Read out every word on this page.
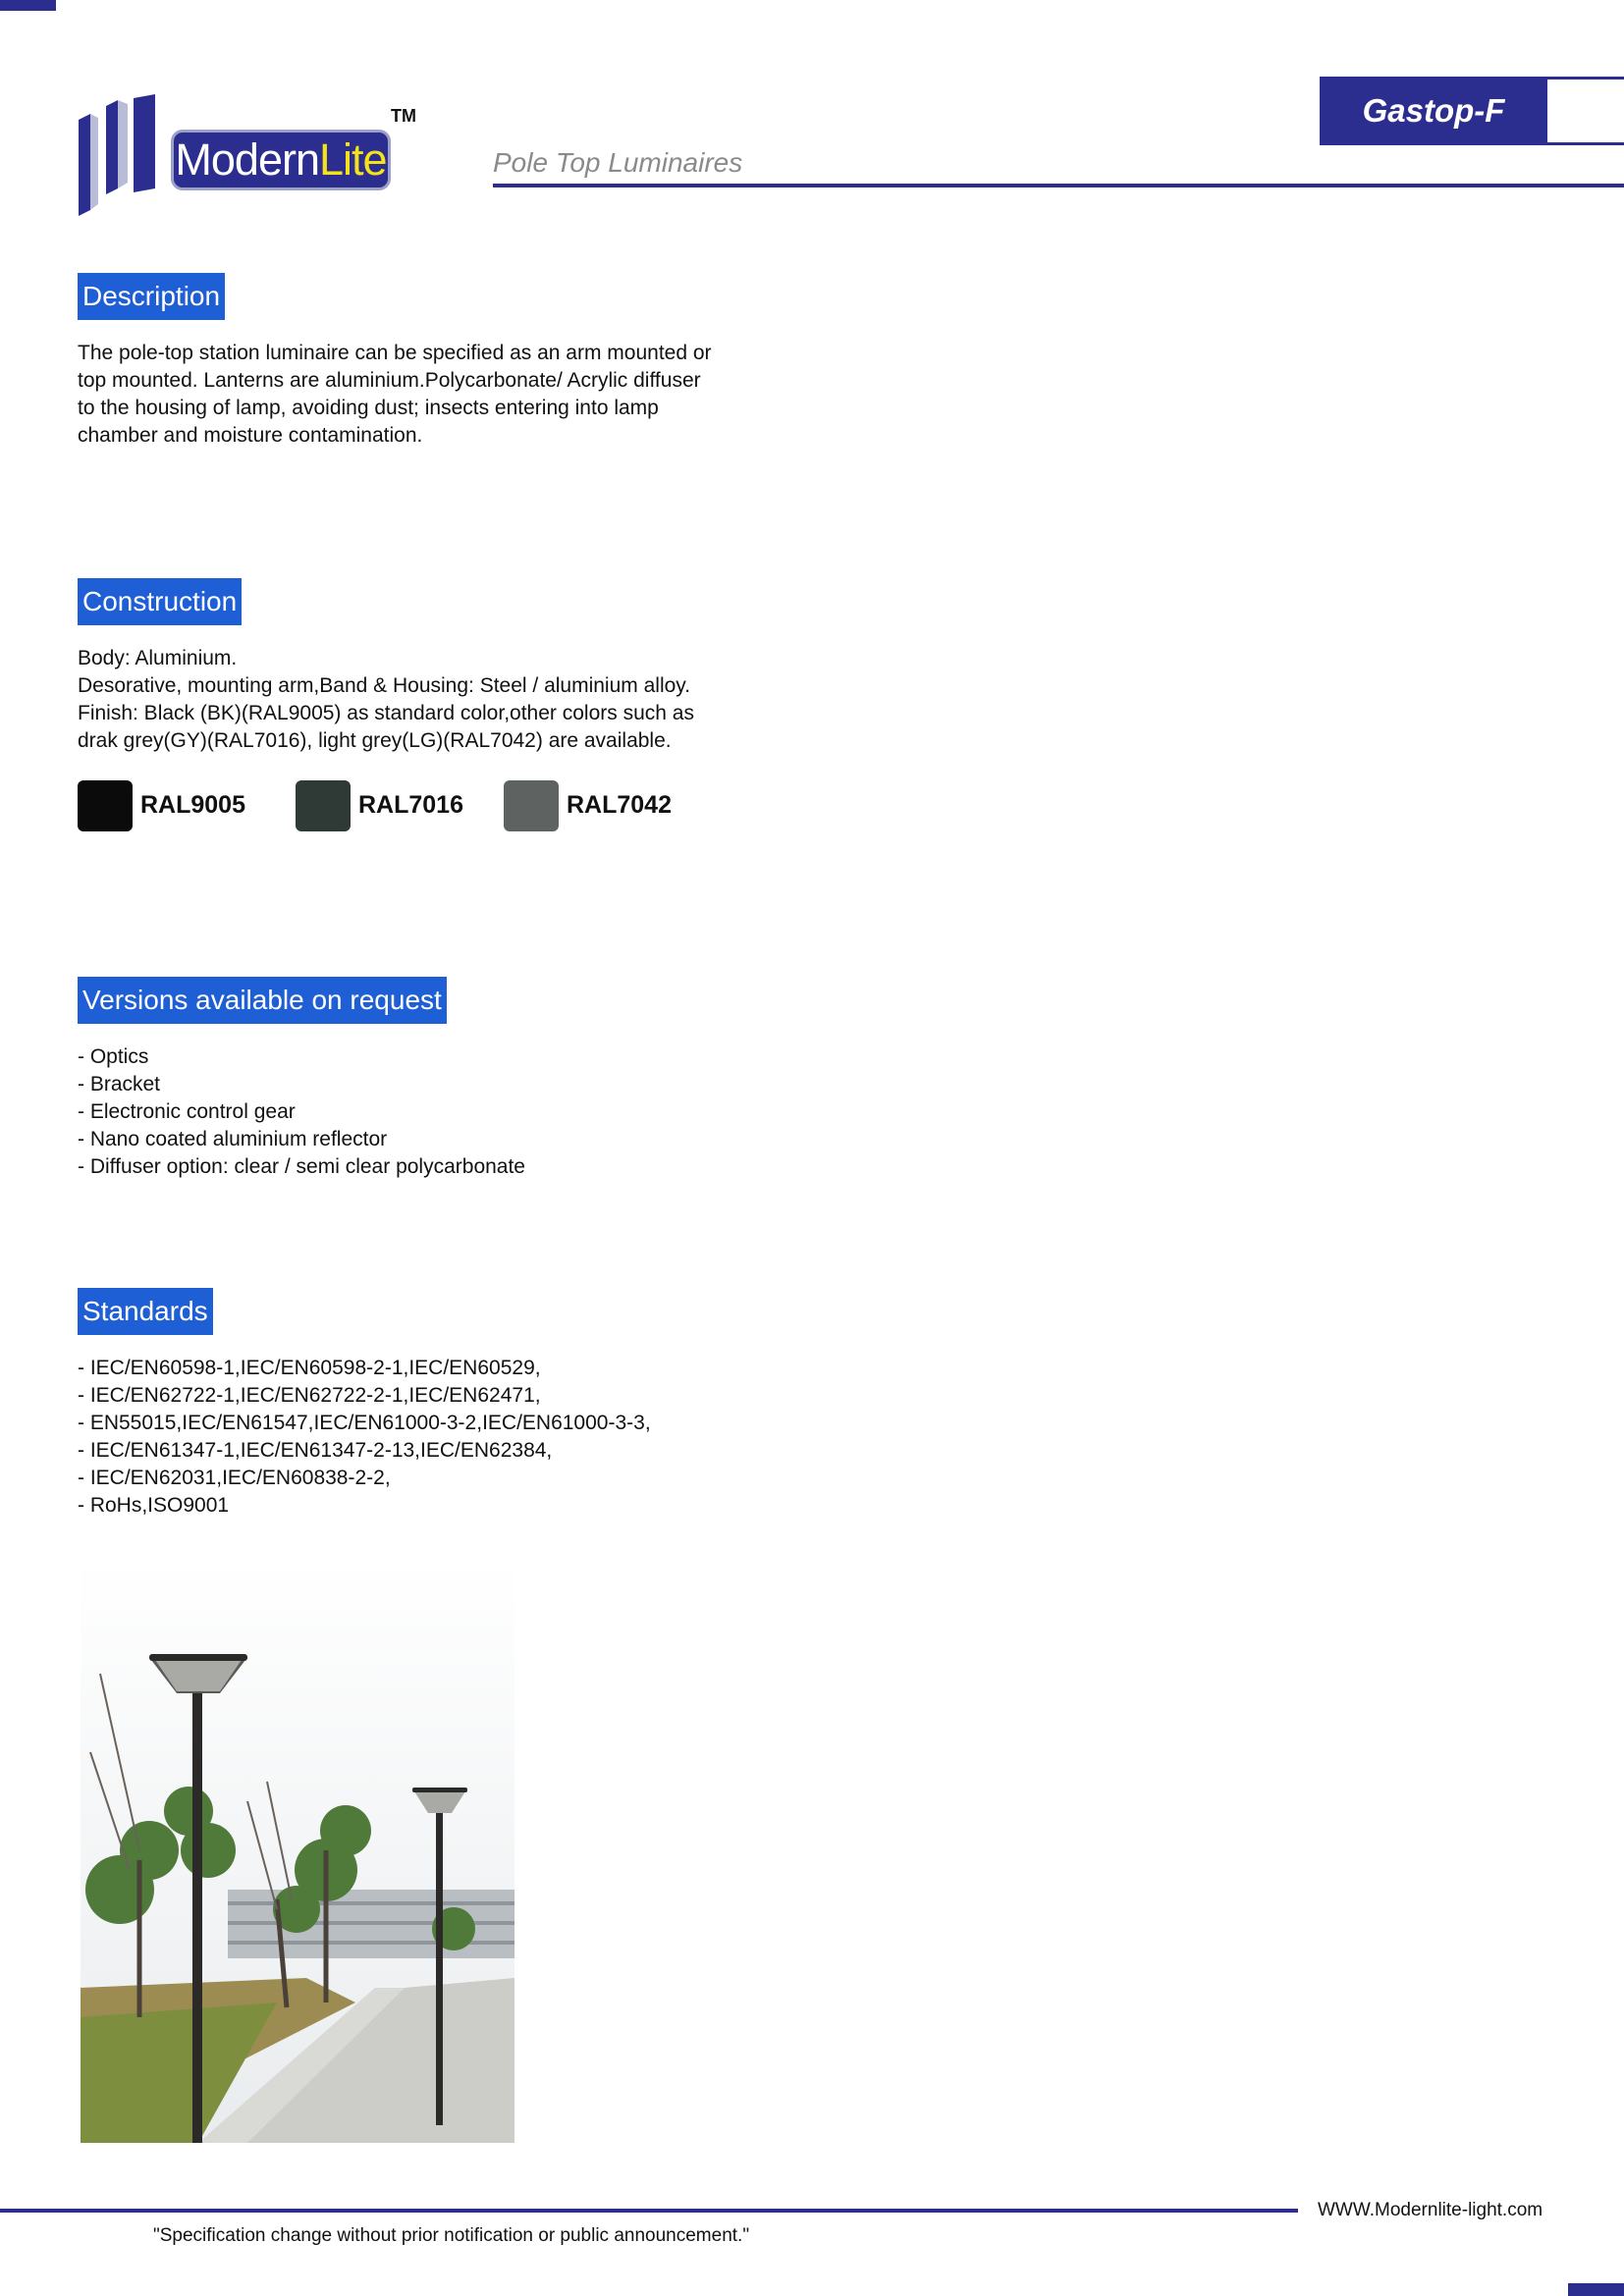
Modern Lite
TM
Pole Top Luminaires
Gastop-F
Description
The pole-top station luminaire can be specified as an arm mounted or
top mounted. Lanterns are aluminium.Polycarbonate/ Acrylic diffuser
to the housing of lamp, avoiding dust; insects entering into lamp
chamber and moisture contamination.
Construction
Body: Aluminium.
Desorative, mounting arm,Band & Housing: Steel / aluminium alloy.
Finish: Black (BK)(RAL9005) as standard color,other colors such as
drak grey(GY)(RAL7016), light grey(LG)(RAL7042) are available.
RAL9005	RAL7016	RAL7042
Versions available on request
- Optics
- Bracket
- Electronic control gear
- Nano coated aluminium reflector
- Diffuser option: clear / semi clear polycarbonate
Standards
- IEC/EN60598-1,IEC/EN60598-2-1,IEC/EN60529,
- IEC/EN62722-1,IEC/EN62722-2-1,IEC/EN62471,
- EN55015,IEC/EN61547,IEC/EN61000-3-2,IEC/EN61000-3-3,
- IEC/EN61347-1,IEC/EN61347-2-13,IEC/EN62384,
- IEC/EN62031,IEC/EN60838-2-2,
- RoHs,ISO9001
WWW.Modernlite-light.com
"Specification change without prior notification or public announcement."
